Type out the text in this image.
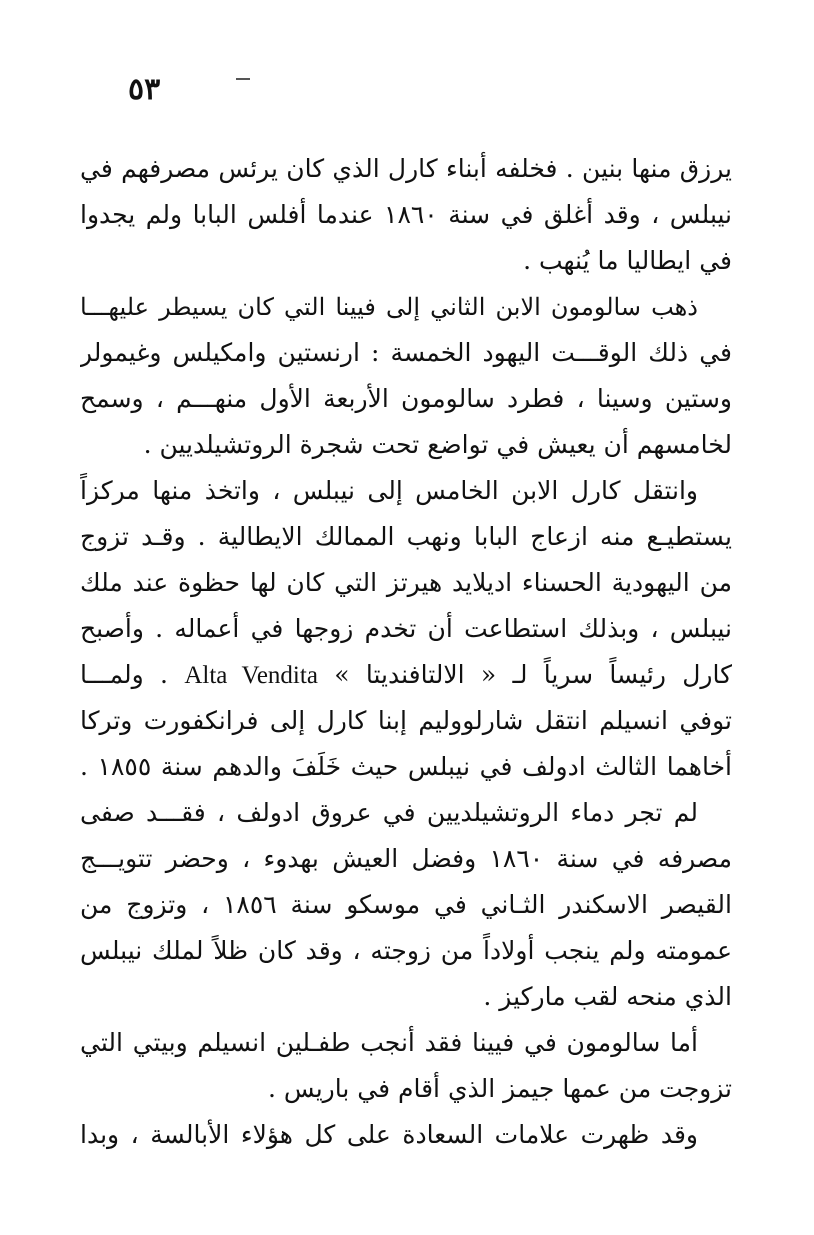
٥٣
يرزق منها بنين . فخلفه أبناء كارل الذي كان يرئس مصرفهم في
نيبلس ، وقد أغلق في سنة ١٨٦٠ عندما أفلس البابا ولم يجدوا
في ايطاليا ما يُنهب .
ذهب سالومون الابن الثاني إلى فيينا التي كان يسيطر عليهـــا
في ذلك الوقـــت اليهود الخمسة : ارنستين وامكيلس وغيمولر
وستين وسينا ، فطرد سالومون الأربعة الأول منهـــم ، وسمح
لخامسهم أن يعيش في تواضع تحت شجرة الروتشيلديين .
وانتقل كارل الابن الخامس إلى نيبلس ، واتخذ منها مركزاً
يستطيـع منه ازعاج البابا ونهب الممالك الايطالية . وقـد تزوج
من اليهودية الحسناء اديلايد هيرتز التي كان لها حظوة عند ملك
نيبلس ، وبذلك استطاعت أن تخدم زوجها في أعماله . وأصبح
كارل رئيساً سرياً لـ « الالتافنديتا » Alta Vendita . ولمـــا
توفي انسيلم انتقل شارلووليم إبنا كارل إلى فرانكفورت وتركا
أخاهما الثالث ادولف في نيبلس حيث خَلَفَ والدهم سنة ١٨٥٥ .
لم تجر دماء الروتشيلديين في عروق ادولف ، فقـــد صفى
مصرفه في سنة ١٨٦٠ وفضل العيش بهدوء ، وحضر تتويـــج
القيصر الاسكندر الثـاني في موسكو سنة ١٨٥٦ ، وتزوج من
عمومته ولم ينجب أولاداً من زوجته ، وقد كان ظلاً لملك نيبلس
الذي منحه لقب ماركيز .
أما سالومون في فيينا فقد أنجب طفـلين انسيلم وبيتي التي
تزوجت من عمها جيمز الذي أقام في باريس .
وقد ظهرت علامات السعادة على كل هؤلاء الأبالسة ، وبدا
